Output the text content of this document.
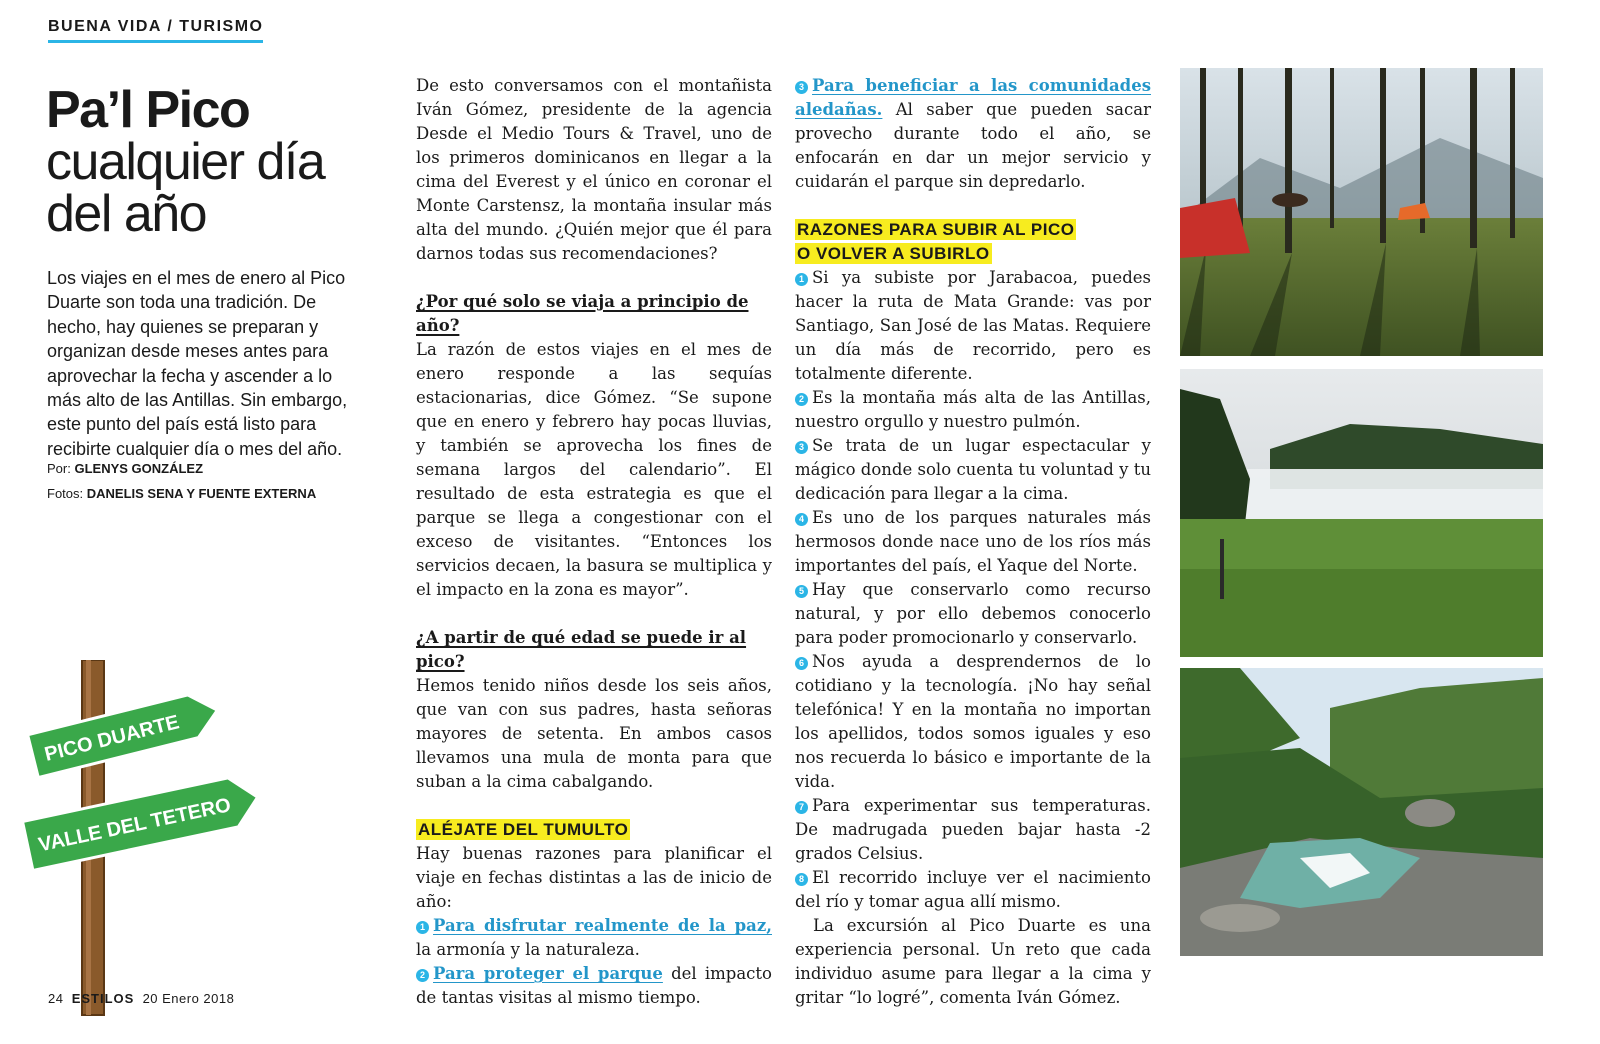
BUENA VIDA / TURISMO
Pa’l Pico
cualquier día
del año

Los viajes en el mes de enero al Pico Duarte son toda una tradición. De hecho, hay quienes se preparan y organizan desde meses antes para aprovechar la fecha y ascender a lo más alto de las Antillas. Sin embargo, este punto del país está listo para recibirte cualquier día o mes del año.

Por: GLENYS GONZÁLEZ
Fotos: DANELIS SENA Y FUENTE EXTERNA
PICO DUARTE
VALLE DEL TETERO

De esto conversamos con el montañista Iván Gómez, presidente de la agencia Desde el Medio Tours & Travel, uno de los primeros dominicanos en llegar a la cima del Everest y el único en coronar el Monte Carstensz, la montaña insular más alta del mundo. ¿Quién mejor que él para darnos todas sus recomendaciones?

¿Por qué solo se viaja a principio de año?

La razón de estos viajes en el mes de enero responde a las sequías estacionarias, dice Gómez. “Se supone que en enero y febrero hay pocas lluvias, y también se aprovecha los fines de semana largos del calendario”. El resultado de esta estrategia es que el parque se llega a congestionar con el exceso de visitantes. “Entonces los servicios decaen, la basura se multiplica y el impacto en la zona es mayor”.

¿A partir de qué edad se puede ir al pico?

Hemos tenido niños desde los seis años, que van con sus padres, hasta señoras mayores de setenta. En ambos casos llevamos una mula de monta para que suban a la cima cabalgando.

ALÉJATE DEL TUMULTO

Hay buenas razones para planificar el viaje en fechas distintas a las de inicio de año:

1 Para disfrutar realmente de la paz, la armonía y la naturaleza.

2 Para proteger el parque del impacto de tantas visitas al mismo tiempo.

3 Para beneficiar a las comunidades aledañas. Al saber que pueden sacar provecho durante todo el año, se enfocarán en dar un mejor servicio y cuidarán el parque sin depredarlo.

RAZONES PARA SUBIR AL PICO
O VOLVER A SUBIRLO

1 Si ya subiste por Jarabacoa, puedes hacer la ruta de Mata Grande: vas por Santiago, San José de las Matas. Requiere un día más de recorrido, pero es totalmente diferente.

2 Es la montaña más alta de las Antillas, nuestro orgullo y nuestro pulmón.

3 Se trata de un lugar espectacular y mágico donde solo cuenta tu voluntad y tu dedicación para llegar a la cima.

4 Es uno de los parques naturales más hermosos donde nace uno de los ríos más importantes del país, el Yaque del Norte.

5 Hay que conservarlo como recurso natural, y por ello debemos conocerlo para poder promocionarlo y conservarlo.

6 Nos ayuda a desprendernos de lo cotidiano y la tecnología. ¡No hay señal telefónica! Y en la montaña no importan los apellidos, todos somos iguales y eso nos recuerda lo básico e importante de la vida.

7 Para experimentar sus temperaturas. De madrugada pueden bajar hasta -2 grados Celsius.

8 El recorrido incluye ver el nacimiento del río y tomar agua allí mismo.

La excursión al Pico Duarte es una experiencia personal. Un reto que cada individuo asume para llegar a la cima y gritar “lo logré”, comenta Iván Gómez.

24 ESTILOS 20 Enero 2018
